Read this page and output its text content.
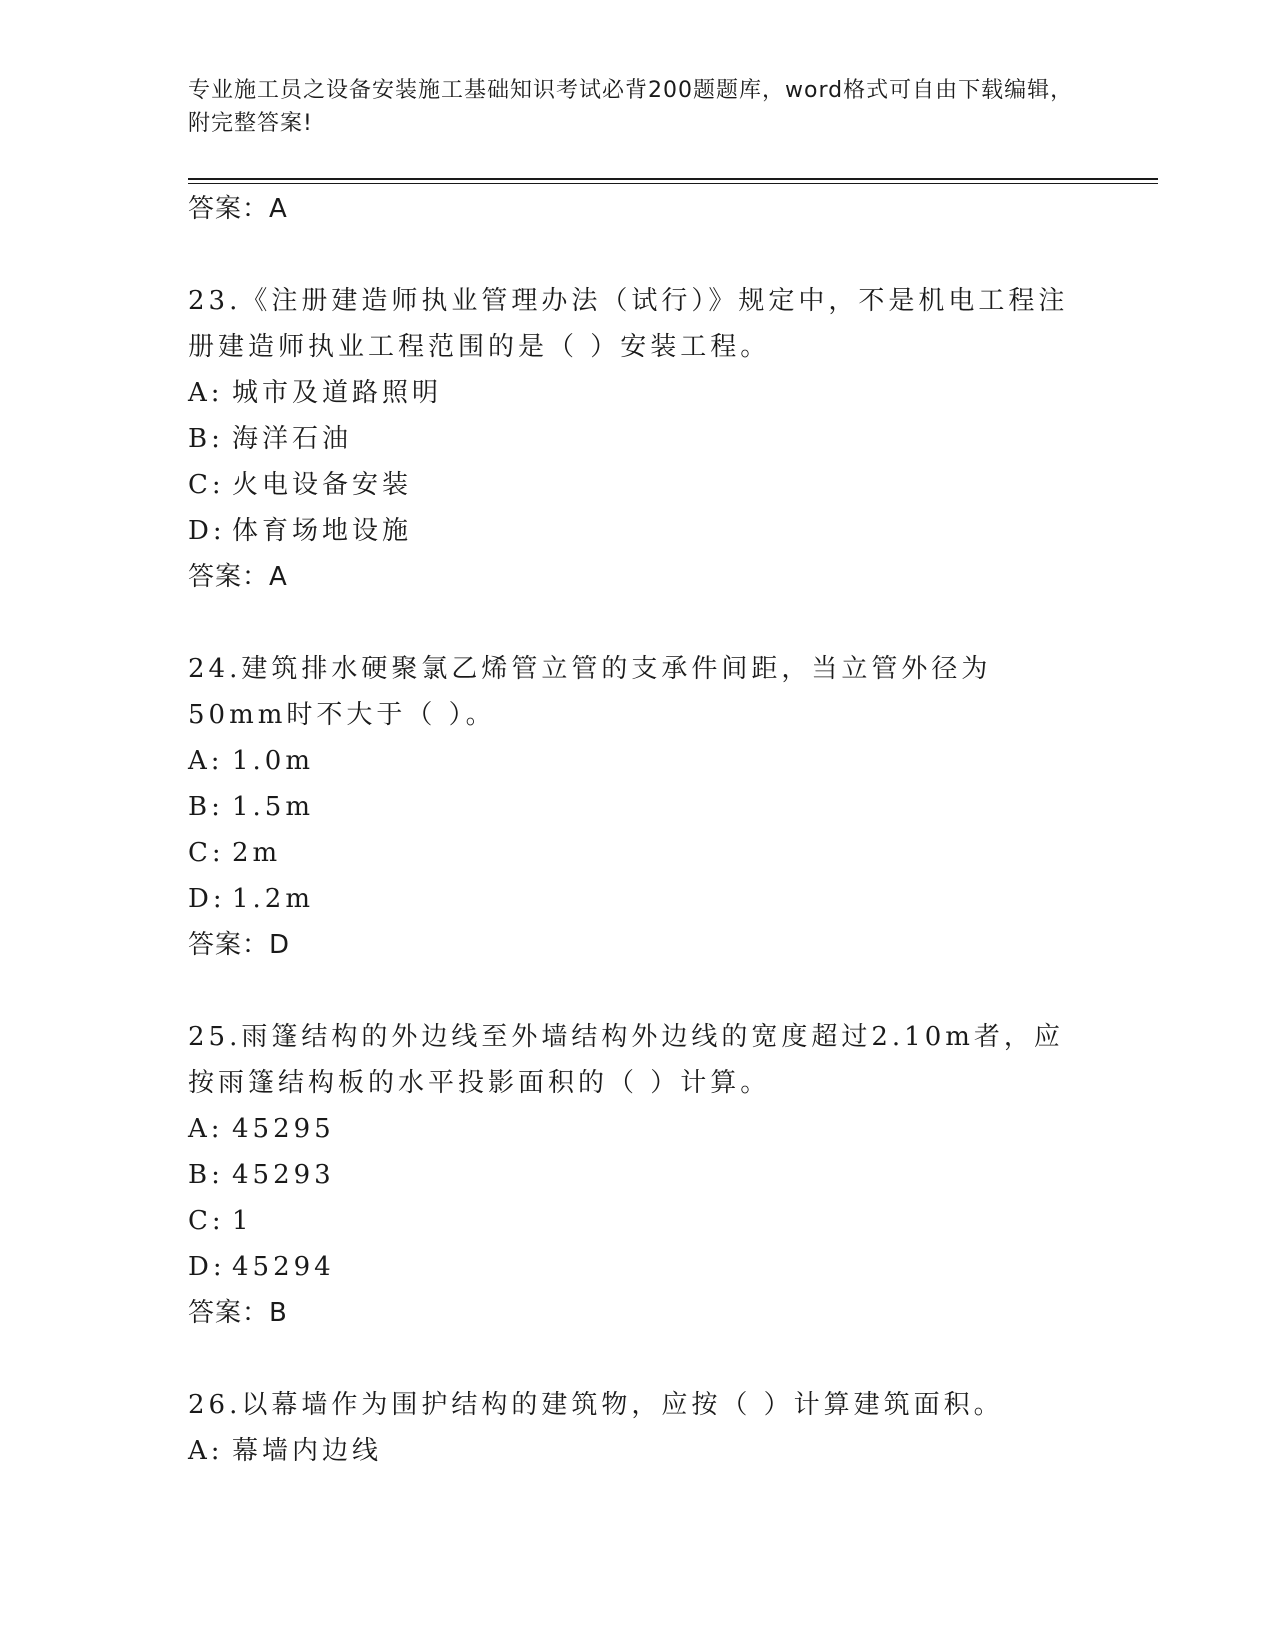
专业施工员之设备安装施工基础知识考试必背200题题库，word格式可自由下载编辑，附完整答案!
答案：A

23.《注册建造师执业管理办法（试行）》规定中，不是机电工程注册建造师执业工程范围的是（ ）安装工程。

A: 城市及道路照明
B: 海洋石油
C: 火电设备安装
D: 体育场地设施
答案：A

24.建筑排水硬聚氯乙烯管立管的支承件间距，当立管外径为50mm时不大于（ ）。

A: 1.0m
B: 1.5m
C: 2m
D: 1.2m
答案：D

25.雨篷结构的外边线至外墙结构外边线的宽度超过2.10m者，应按雨篷结构板的水平投影面积的（ ）计算。

A: 45295
B: 45293
C: 1
D: 45294
答案：B

26.以幕墙作为围护结构的建筑物，应按（ ）计算建筑面积。

A: 幕墙内边线
